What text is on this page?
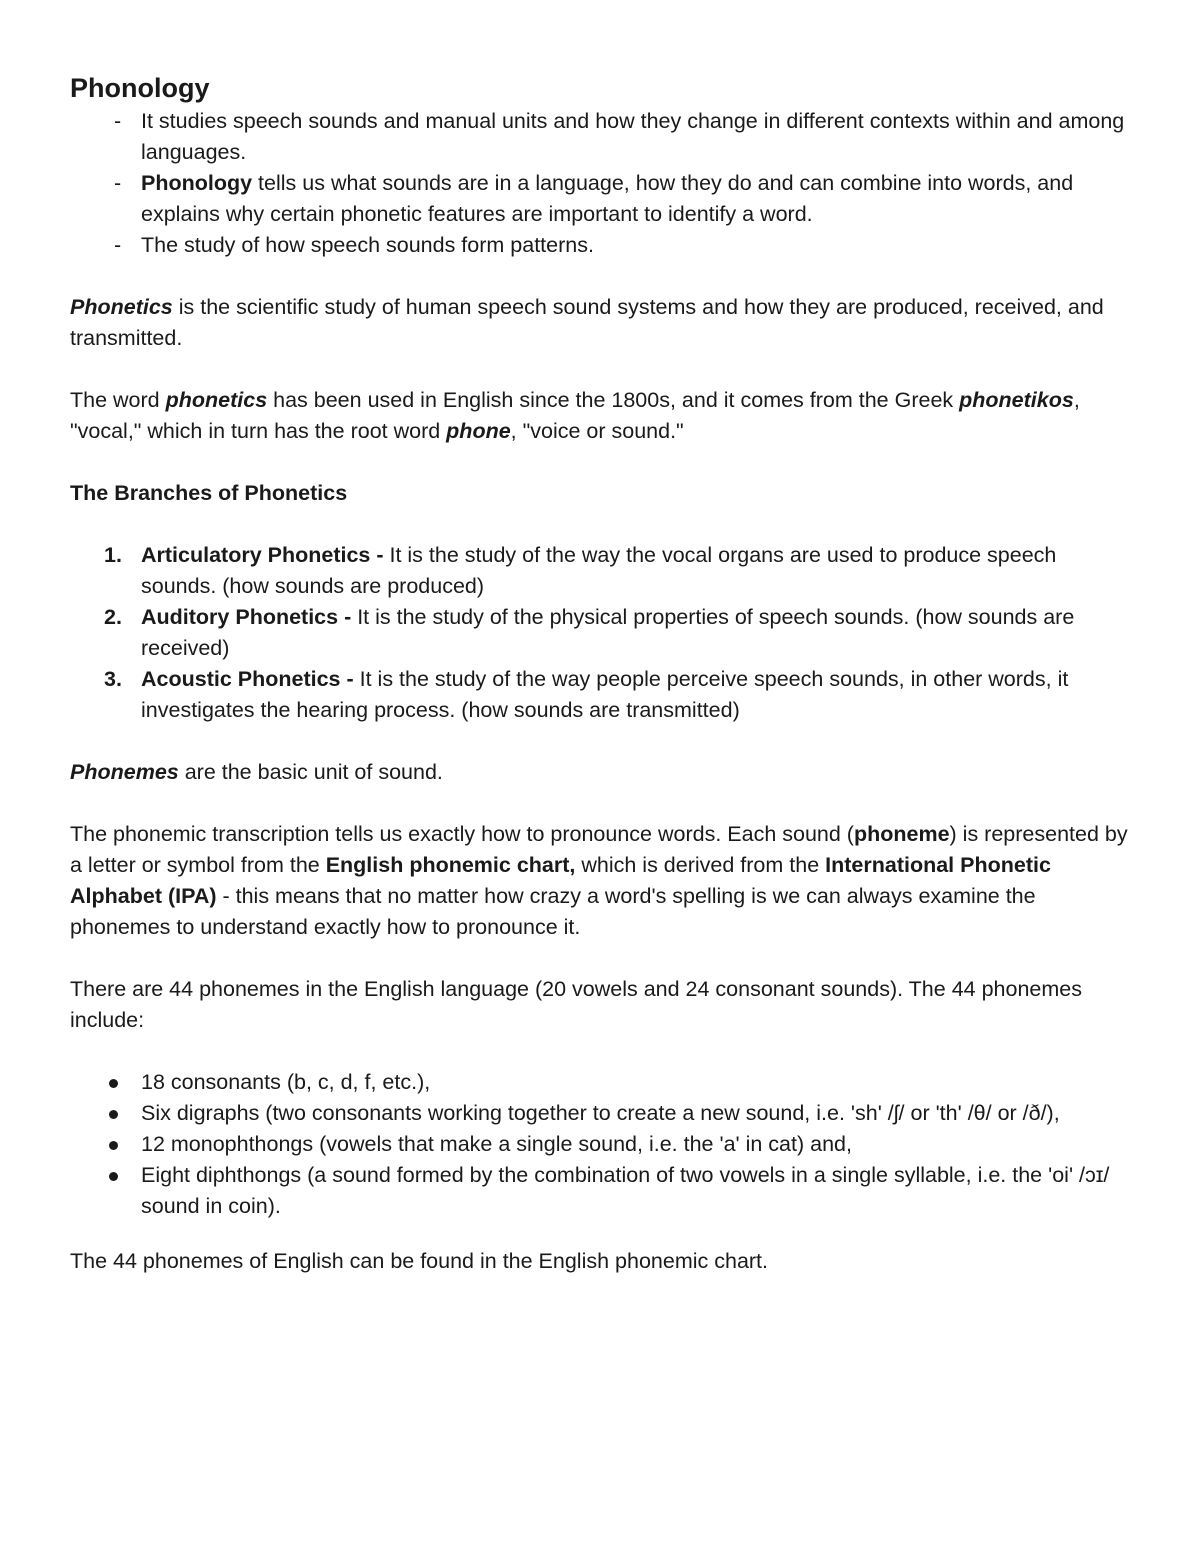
Phonology
- It studies speech sounds and manual units and how they change in different contexts within and among languages.
- Phonology tells us what sounds are in a language, how they do and can combine into words, and explains why certain phonetic features are important to identify a word.
- The study of how speech sounds form patterns.

Phonetics is the scientific study of human speech sound systems and how they are produced, received, and transmitted.

The word phonetics has been used in English since the 1800s, and it comes from the Greek phonetikos, "vocal," which in turn has the root word phone, "voice or sound."

The Branches of Phonetics

1. Articulatory Phonetics - It is the study of the way the vocal organs are used to produce speech sounds. (how sounds are produced)
2. Auditory Phonetics - It is the study of the physical properties of speech sounds. (how sounds are received)
3. Acoustic Phonetics - It is the study of the way people perceive speech sounds, in other words, it investigates the hearing process. (how sounds are transmitted)

Phonemes are the basic unit of sound.

The phonemic transcription tells us exactly how to pronounce words. Each sound (phoneme) is represented by a letter or symbol from the English phonemic chart, which is derived from the International Phonetic Alphabet (IPA) - this means that no matter how crazy a word's spelling is we can always examine the phonemes to understand exactly how to pronounce it.

There are 44 phonemes in the English language (20 vowels and 24 consonant sounds). The 44 phonemes include:

18 consonants (b, c, d, f, etc.),
Six digraphs (two consonants working together to create a new sound, i.e. 'sh' /ʃ/ or 'th' /θ/ or /ð/),
12 monophthongs (vowels that make a single sound, i.e. the 'a' in cat) and,
Eight diphthongs (a sound formed by the combination of two vowels in a single syllable, i.e. the 'oi' /ɔɪ/ sound in coin).

The 44 phonemes of English can be found in the English phonemic chart.
